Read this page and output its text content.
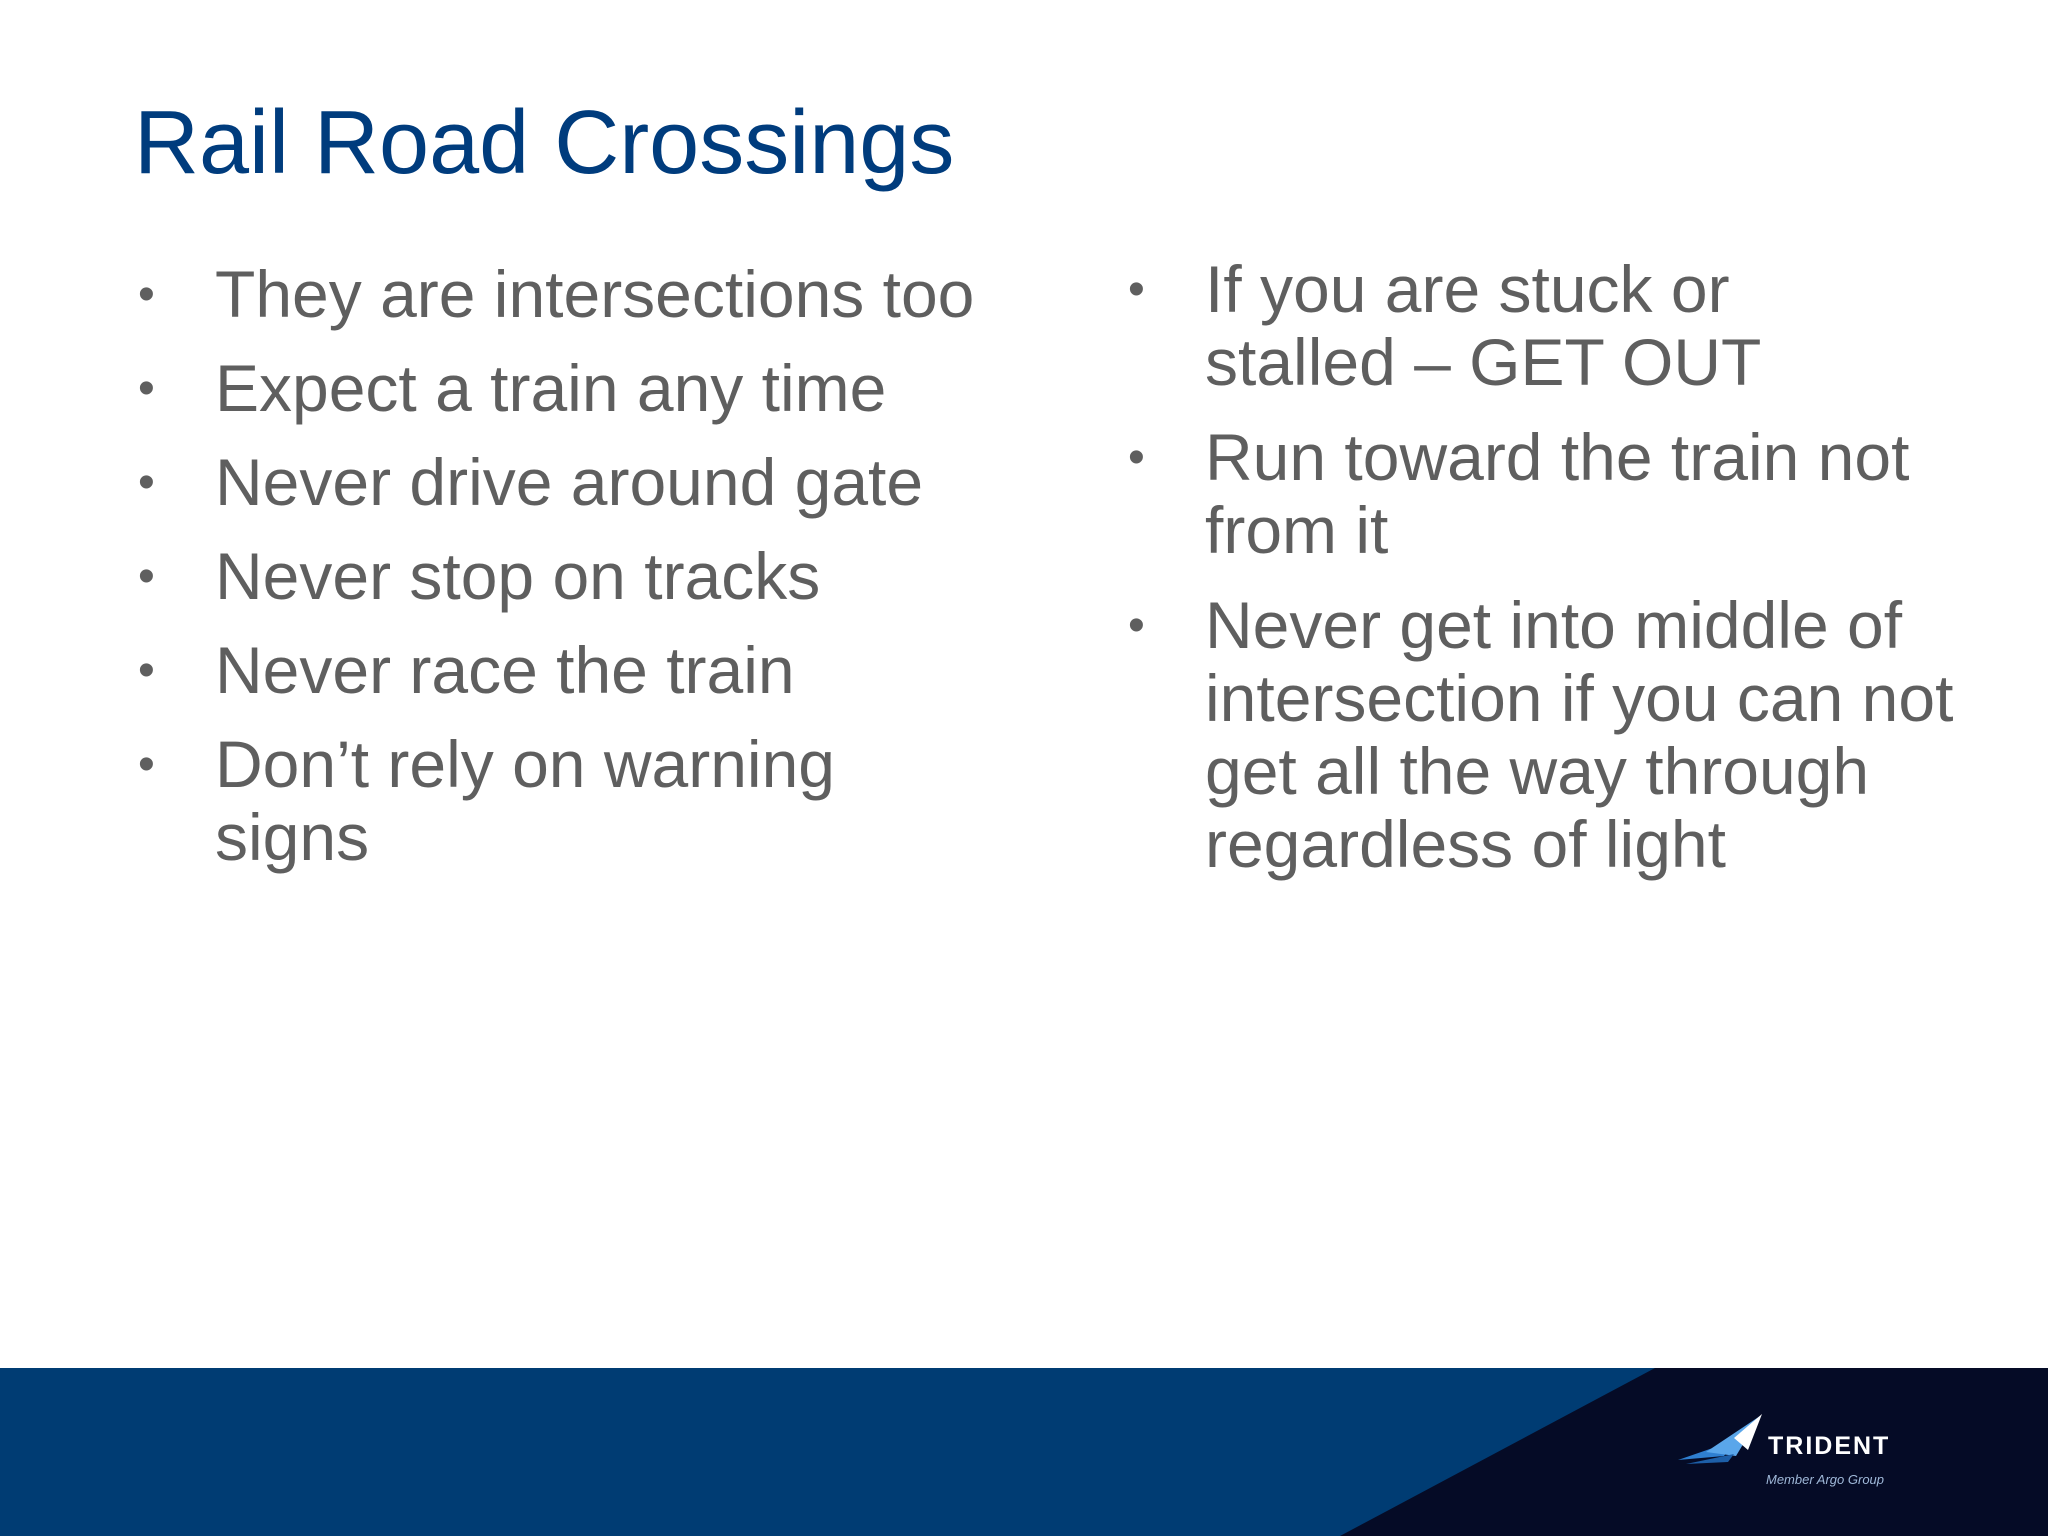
Rail Road Crossings
• They are intersections too
• Expect a train any time
• Never drive around gate
• Never stop on tracks
• Never race the train
• Don’t rely on warning signs
• If you are stuck or stalled – GET OUT
• Run toward the train not from it
• Never get into middle of intersection if you can not get all the way through regardless of light
TRIDENT
Member Argo Group
